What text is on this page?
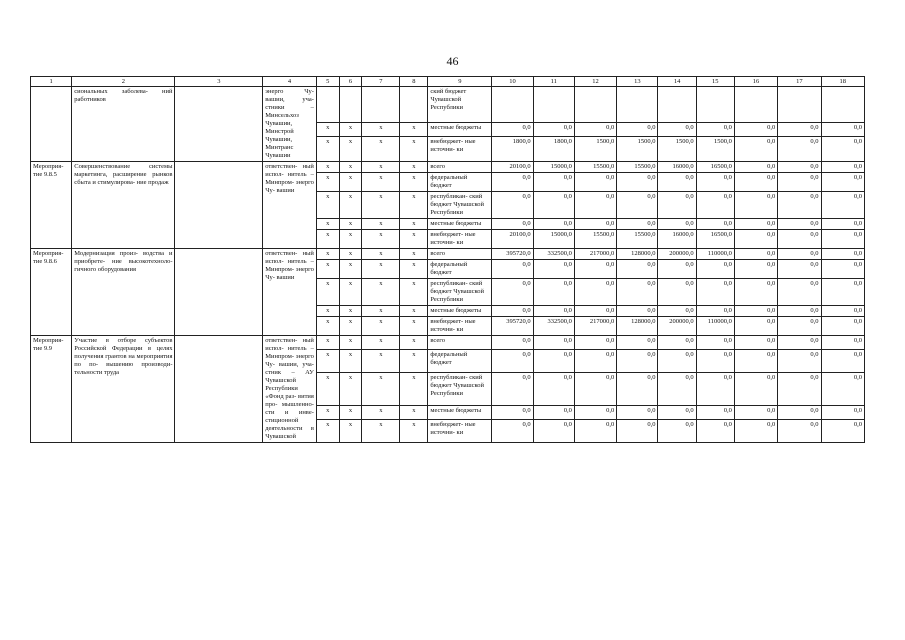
46
1	2	3	4	5	6	7	8	9	10	11	12	13	14	15	16	17	18
	сиональных заболева- ний работников		энерго Чу- вашии, уча- стники – Минсельхоз Чувашии, Минстрой Чувашии, Минтранс Чувашии					ский бюджет Чувашской Республики									
				x	x	x	x	местные бюджеты	0,0	0,0	0,0	0,0	0,0	0,0	0,0	0,0	0,0
				x	x	x	x	внебюджет- ные источни- ки	1800,0	1800,0	1500,0	1500,0	1500,0	1500,0	0,0	0,0	0,0
Мероприя- тие 9.8.5	Совершенствование системы маркетинга, расширение рынков сбыта и стимулирова- ние продаж		ответствен- ный испол- нитель – Минпром- энерго Чу- вашии	x	x	x	x	всего	20100,0	15000,0	15500,0	15500,0	16000,0	16500,0	0,0	0,0	0,0
				x	x	x	x	федеральный бюджет	0,0	0,0	0,0	0,0	0,0	0,0	0,0	0,0	0,0
				x	x	x	x	республикан- ский бюджет Чувашской Республики	0,0	0,0	0,0	0,0	0,0	0,0	0,0	0,0	0,0
				x	x	x	x	местные бюджеты	0,0	0,0	0,0	0,0	0,0	0,0	0,0	0,0	0,0
				x	x	x	x	внебюджет- ные источни- ки	20100,0	15000,0	15500,0	15500,0	16000,0	16500,0	0,0	0,0	0,0
Мероприя- тие 9.8.6	Модернизация произ- водства и приобрете- ние высокотехноло- гичного оборудования		ответствен- ный испол- нитель – Минпром- энерго Чу- вашии	x	x	x	x	всего	395720,0	332500,0	217000,0	128000,0	200000,0	110000,0	0,0	0,0	0,0
				x	x	x	x	федеральный бюджет	0,0	0,0	0,0	0,0	0,0	0,0	0,0	0,0	0,0
				x	x	x	x	республикан- ский бюджет Чувашской Республики	0,0	0,0	0,0	0,0	0,0	0,0	0,0	0,0	0,0
				x	x	x	x	местные бюджеты	0,0	0,0	0,0	0,0	0,0	0,0	0,0	0,0	0,0
				x	x	x	x	внебюджет- ные источни- ки	395720,0	332500,0	217000,0	128000,0	200000,0	110000,0	0,0	0,0	0,0
Мероприя- тие 9.9	Участие в отборе субъектов Российской Федерации в целях получения грантов на мероприятия по по- вышению производи- тельности труда		ответствен- ный испол- нитель – Минпром- энерго Чу- вашии, уча- стник – АУ Чувашской Республики «Фонд раз- вития про- мышленно- сти и инве- стиционной деятельности в Чувашской	x	x	x	x	всего	0,0	0,0	0,0	0,0	0,0	0,0	0,0	0,0	0,0
				x	x	x	x	федеральный бюджет	0,0	0,0	0,0	0,0	0,0	0,0	0,0	0,0	0,0
				x	x	x	x	республикан- ский бюджет Чувашской Республики	0,0	0,0	0,0	0,0	0,0	0,0	0,0	0,0	0,0
				x	x	x	x	местные бюджеты	0,0	0,0	0,0	0,0	0,0	0,0	0,0	0,0	0,0
				x	x	x	x	внебюджет- ные источни- ки	0,0	0,0	0,0	0,0	0,0	0,0	0,0	0,0	0,0
